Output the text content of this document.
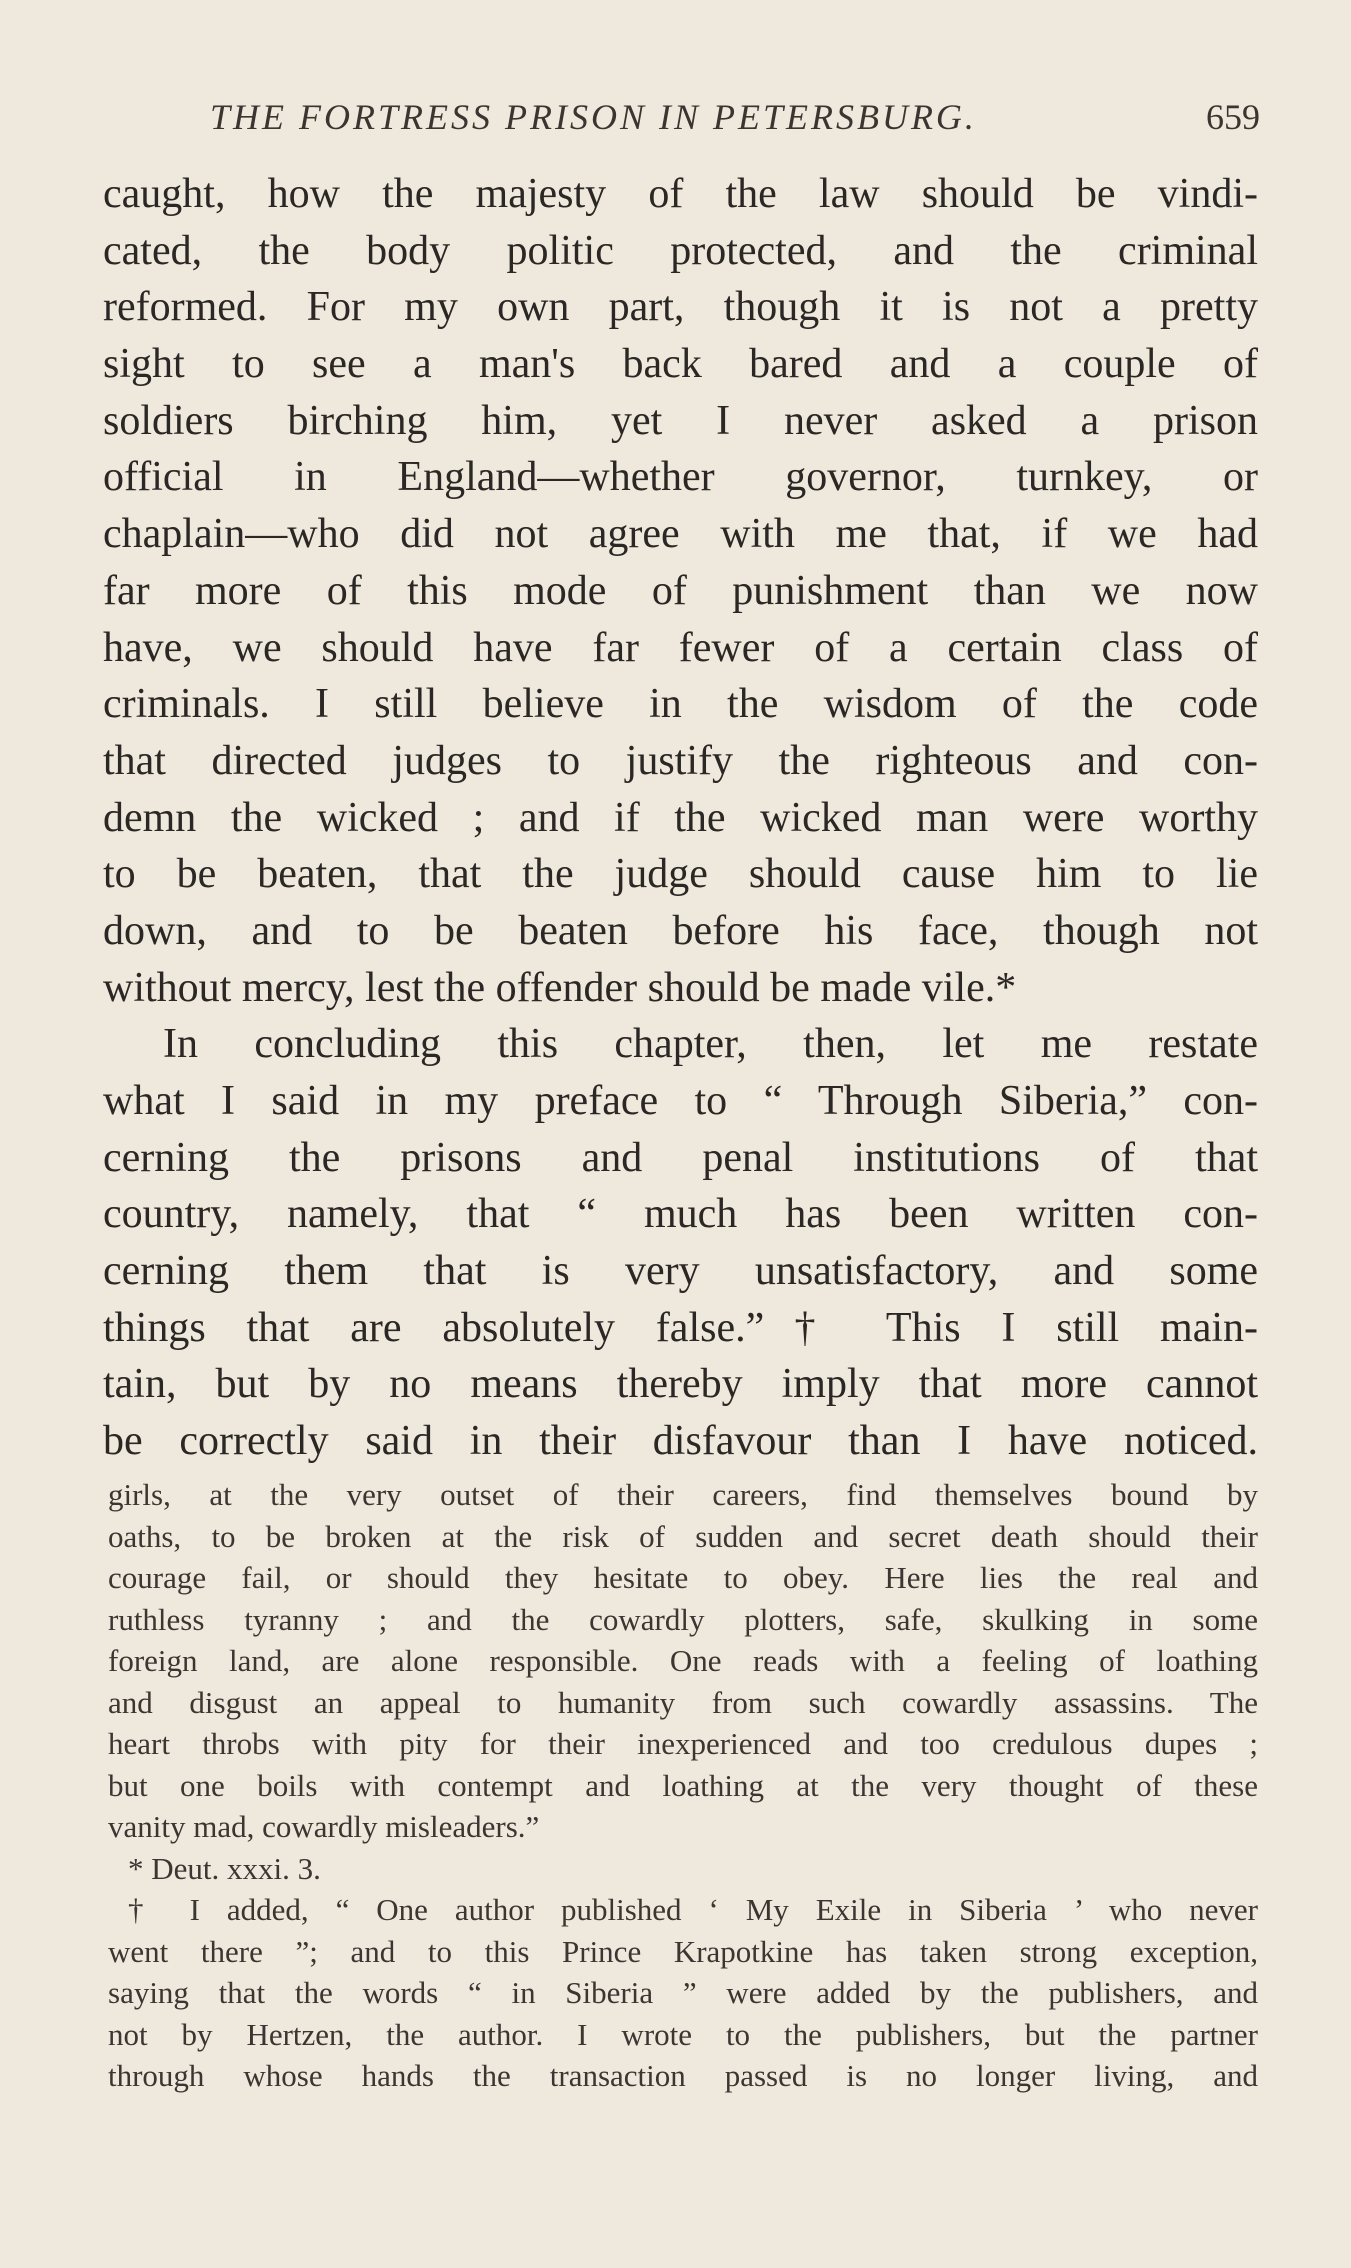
THE FORTRESS PRISON IN PETERSBURG.	659
caught, how the majesty of the law should be vindi-
cated, the body politic protected, and the criminal
reformed. For my own part, though it is not a pretty
sight to see a man's back bared and a couple of
soldiers birching him, yet I never asked a prison
official in England—whether governor, turnkey, or
chaplain—who did not agree with me that, if we had
far more of this mode of punishment than we now
have, we should have far fewer of a certain class of
criminals. I still believe in the wisdom of the code
that directed judges to justify the righteous and con-
demn the wicked ; and if the wicked man were worthy
to be beaten, that the judge should cause him to lie
down, and to be beaten before his face, though not
without mercy, lest the offender should be made vile.*
In concluding this chapter, then, let me restate
what I said in my preface to “ Through Siberia,” con-
cerning the prisons and penal institutions of that
country, namely, that “ much has been written con-
cerning them that is very unsatisfactory, and some
things that are absolutely false.”† This I still main-
tain, but by no means thereby imply that more cannot
be correctly said in their disfavour than I have noticed.
girls, at the very outset of their careers, find themselves bound by
oaths, to be broken at the risk of sudden and secret death should their
courage fail, or should they hesitate to obey. Here lies the real and
ruthless tyranny ; and the cowardly plotters, safe, skulking in some
foreign land, are alone responsible. One reads with a feeling of loathing
and disgust an appeal to humanity from such cowardly assassins. The
heart throbs with pity for their inexperienced and too credulous dupes ;
but one boils with contempt and loathing at the very thought of these
vanity mad, cowardly misleaders.”
* Deut. xxxi. 3.
† I added, “ One author published ‘ My Exile in Siberia ’ who never
went there ”; and to this Prince Krapotkine has taken strong exception,
saying that the words “ in Siberia ” were added by the publishers, and
not by Hertzen, the author. I wrote to the publishers, but the partner
through whose hands the transaction passed is no longer living, and
